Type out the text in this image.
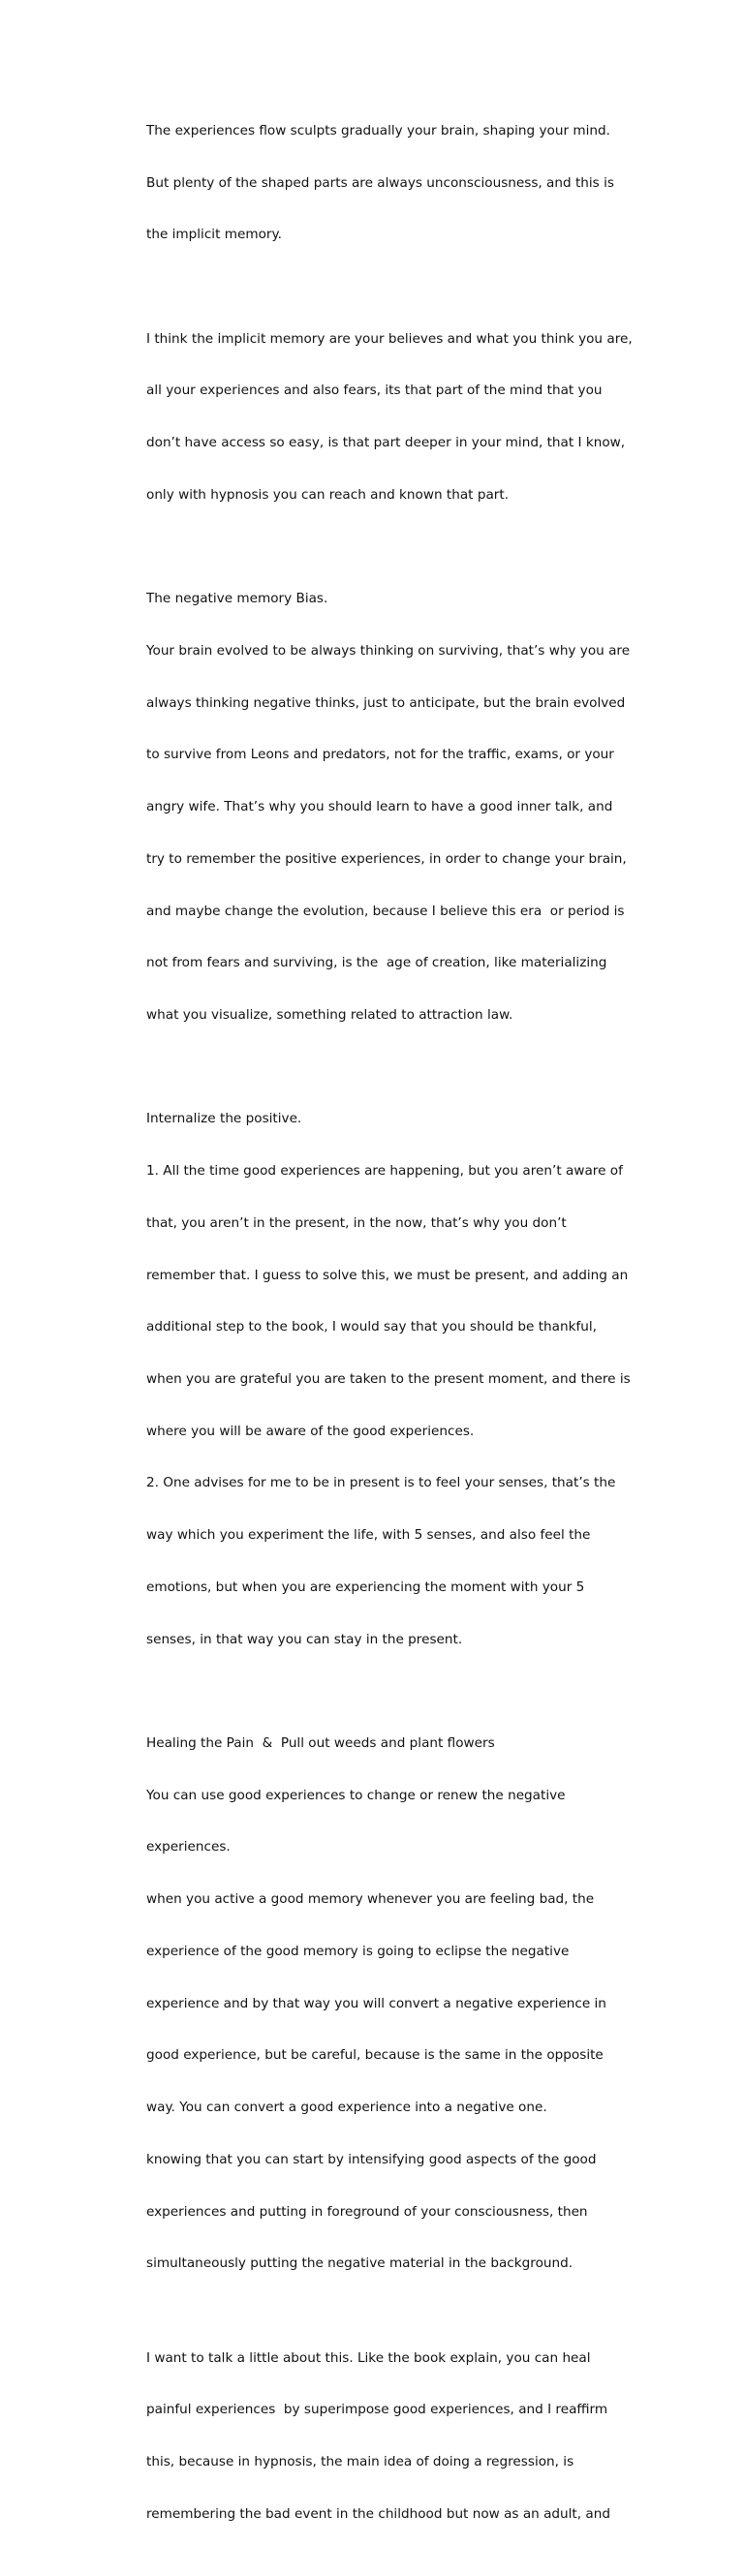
The experiences flow sculpts gradually your brain, shaping your mind.

But plenty of the shaped parts are always unconsciousness, and this is

the implicit memory.

I think the implicit memory are your believes and what you think you are,

all your experiences and also fears, its that part of the mind that you

don’t have access so easy, is that part deeper in your mind, that I know,

only with hypnosis you can reach and known that part.

The negative memory Bias.

Your brain evolved to be always thinking on surviving, that’s why you are

always thinking negative thinks, just to anticipate, but the brain evolved

to survive from Leons and predators, not for the traffic, exams, or your

angry wife. That’s why you should learn to have a good inner talk, and

try to remember the positive experiences, in order to change your brain,

and maybe change the evolution, because I believe this era  or period is

not from fears and surviving, is the  age of creation, like materializing

what you visualize, something related to attraction law.

Internalize the positive.

1. All the time good experiences are happening, but you aren’t aware of

that, you aren’t in the present, in the now, that’s why you don’t

remember that. I guess to solve this, we must be present, and adding an

additional step to the book, I would say that you should be thankful,

when you are grateful you are taken to the present moment, and there is

where you will be aware of the good experiences.

2. One advises for me to be in present is to feel your senses, that’s the

way which you experiment the life, with 5 senses, and also feel the

emotions, but when you are experiencing the moment with your 5

senses, in that way you can stay in the present.

Healing the Pain  &  Pull out weeds and plant flowers

You can use good experiences to change or renew the negative

experiences.

when you active a good memory whenever you are feeling bad, the

experience of the good memory is going to eclipse the negative

experience and by that way you will convert a negative experience in

good experience, but be careful, because is the same in the opposite

way. You can convert a good experience into a negative one.

knowing that you can start by intensifying good aspects of the good

experiences and putting in foreground of your consciousness, then

simultaneously putting the negative material in the background.

I want to talk a little about this. Like the book explain, you can heal

painful experiences  by superimpose good experiences, and I reaffirm

this, because in hypnosis, the main idea of doing a regression, is

remembering the bad event in the childhood but now as an adult, and
